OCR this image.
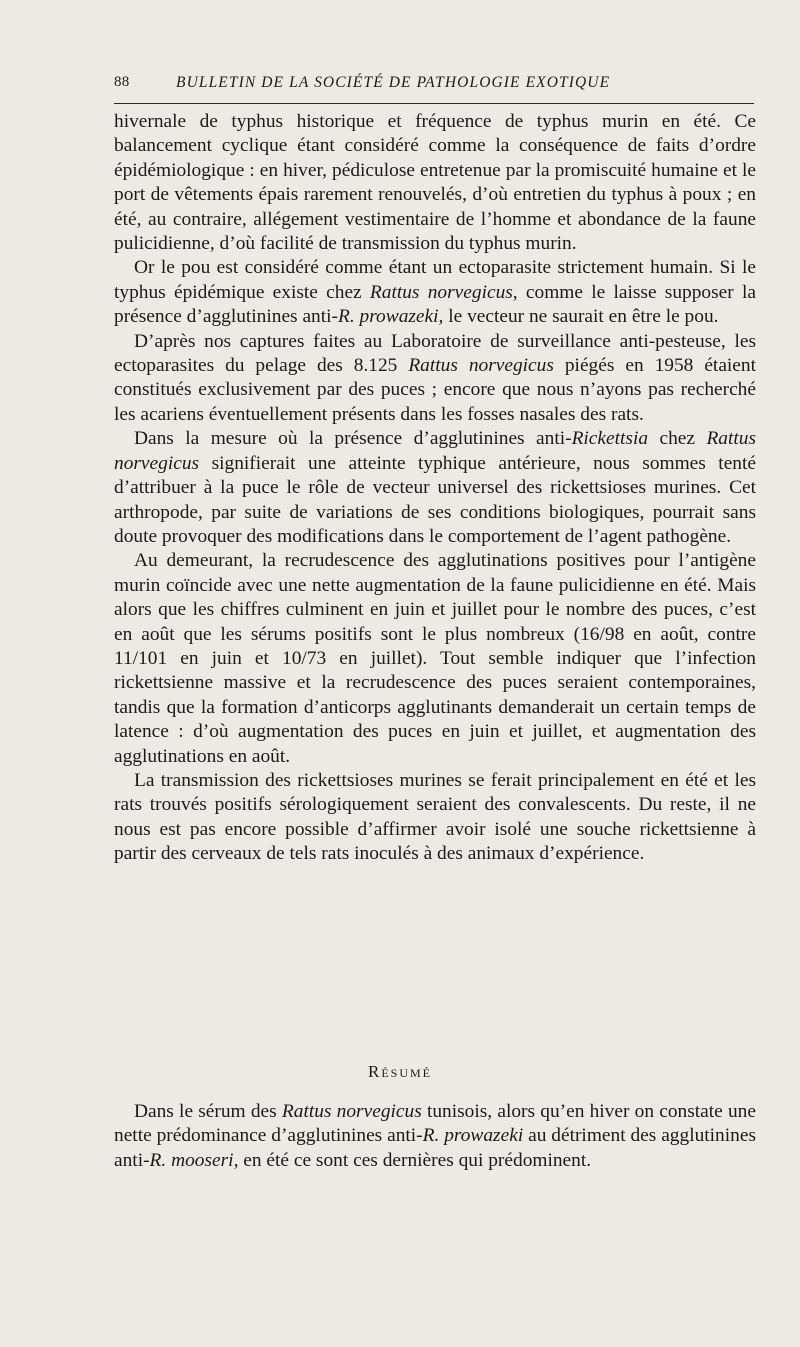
88	BULLETIN DE LA SOCIÉTÉ DE PATHOLOGIE EXOTIQUE

hivernale de typhus historique et fréquence de typhus murin en été. Ce balancement cyclique étant considéré comme la conséquence de faits d’ordre épidémiologique : en hiver, pédiculose entretenue par la promiscuité humaine et le port de vêtements épais rarement renouvelés, d’où entretien du typhus à poux ; en été, au contraire, allégement vestimentaire de l’homme et abondance de la faune pulicidienne, d’où facilité de transmission du typhus murin.

Or le pou est considéré comme étant un ectoparasite strictement humain. Si le typhus épidémique existe chez Rattus norvegicus, comme le laisse supposer la présence d’agglutinines anti-R. prowazeki, le vecteur ne saurait en être le pou.

D’après nos captures faites au Laboratoire de surveillance anti-pesteuse, les ectoparasites du pelage des 8.125 Rattus norvegicus piégés en 1958 étaient constitués exclusivement par des puces ; encore que nous n’ayons pas recherché les acariens éventuellement présents dans les fosses nasales des rats.

Dans la mesure où la présence d’agglutinines anti-Rickettsia chez Rattus norvegicus signifierait une atteinte typhique antérieure, nous sommes tenté d’attribuer à la puce le rôle de vecteur universel des rickettsioses murines. Cet arthropode, par suite de variations de ses conditions biologiques, pourrait sans doute provoquer des modifications dans le comportement de l’agent pathogène.

Au demeurant, la recrudescence des agglutinations positives pour l’antigène murin coïncide avec une nette augmentation de la faune pulicidienne en été. Mais alors que les chiffres culminent en juin et juillet pour le nombre des puces, c’est en août que les sérums positifs sont le plus nombreux (16/98 en août, contre 11/101 en juin et 10/73 en juillet). Tout semble indiquer que l’infection rickettsienne massive et la recrudescence des puces seraient contemporaines, tandis que la formation d’anticorps agglutinants demanderait un certain temps de latence : d’où augmentation des puces en juin et juillet, et augmentation des agglutinations en août.

La transmission des rickettsioses murines se ferait principalement en été et les rats trouvés positifs sérologiquement seraient des convalescents. Du reste, il ne nous est pas encore possible d’affirmer avoir isolé une souche rickettsienne à partir des cerveaux de tels rats inoculés à des animaux d’expérience.

Résumé

Dans le sérum des Rattus norvegicus tunisois, alors qu’en hiver on constate une nette prédominance d’agglutinines anti-R. prowazeki au détriment des agglutinines anti-R. mooseri, en été ce sont ces dernières qui prédominent.
